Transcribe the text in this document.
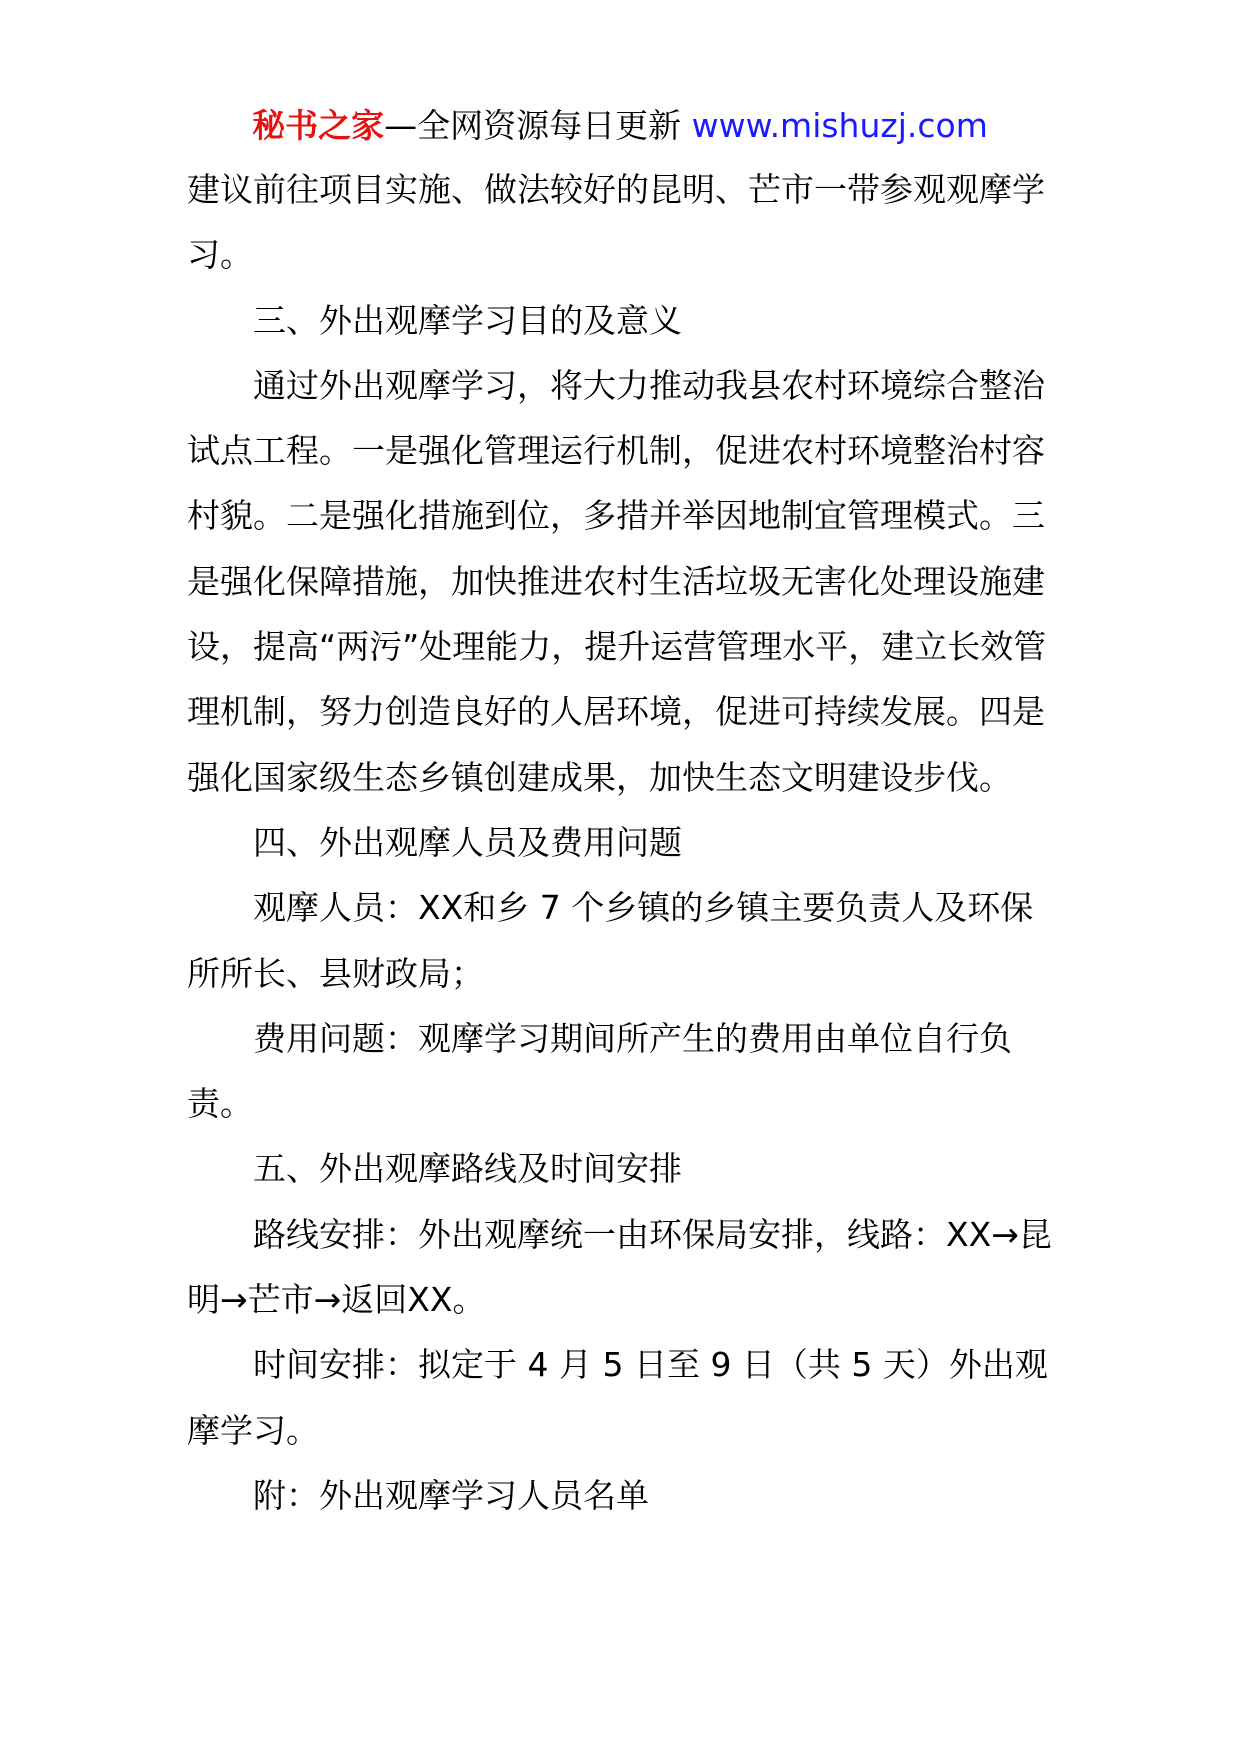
秘书之家—全网资源每日更新 www.mishuzj.com

建议前往项目实施、做法较好的昆明、芒市一带参观观摩学习。

三、外出观摩学习目的及意义

通过外出观摩学习，将大力推动我县农村环境综合整治试点工程。一是强化管理运行机制，促进农村环境整治村容村貌。二是强化措施到位，多措并举因地制宜管理模式。三是强化保障措施，加快推进农村生活垃圾无害化处理设施建设，提高“两污”处理能力，提升运营管理水平，建立长效管理机制，努力创造良好的人居环境，促进可持续发展。四是强化国家级生态乡镇创建成果，加快生态文明建设步伐。

四、外出观摩人员及费用问题

观摩人员：XX和乡 7 个乡镇的乡镇主要负责人及环保所所长、县财政局；

费用问题：观摩学习期间所产生的费用由单位自行负责。

五、外出观摩路线及时间安排

路线安排：外出观摩统一由环保局安排，线路：XX→昆明→芒市→返回XX。

时间安排：拟定于 4 月 5 日至 9 日（共 5 天）外出观摩学习。

附：外出观摩学习人员名单
